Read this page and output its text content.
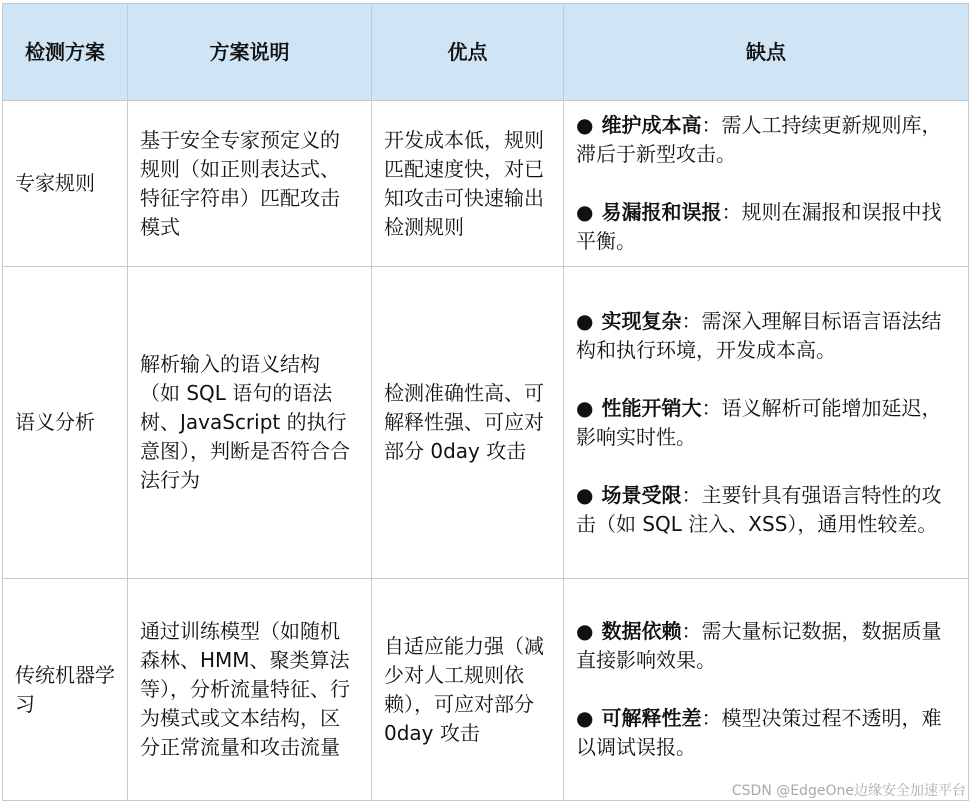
检测方案	方案说明	优点	缺点
专家规则	基于安全专家预定义的规则（如正则表达式、特征字符串）匹配攻击模式	开发成本低，规则匹配速度快，对已知攻击可快速输出检测规则	● 维护成本高：需人工持续更新规则库，滞后于新型攻击。
● 易漏报和误报：规则在漏报和误报中找平衡。

语义分析	解析输入的语义结构（如 SQL 语句的语法树、JavaScript 的执行意图），判断是否符合合法行为	检测准确性高、可解释性强、可应对部分 0day 攻击	● 实现复杂：需深入理解目标语言语法结构和执行环境，开发成本高。
● 性能开销大：语义解析可能增加延迟，影响实时性。
● 场景受限：主要针具有强语言特性的攻击（如 SQL 注入、XSS），通用性较差。

传统机器学习	通过训练模型（如随机森林、HMM、聚类算法等），分析流量特征、行为模式或文本结构，区分正常流量和攻击流量	自适应能力强（减少对人工规则依赖），可应对部分 0day 攻击	● 数据依赖：需大量标记数据，数据质量直接影响效果。
● 可解释性差：模型决策过程不透明，难以调试误报。
CSDN @EdgeOne边缘安全加速平台
